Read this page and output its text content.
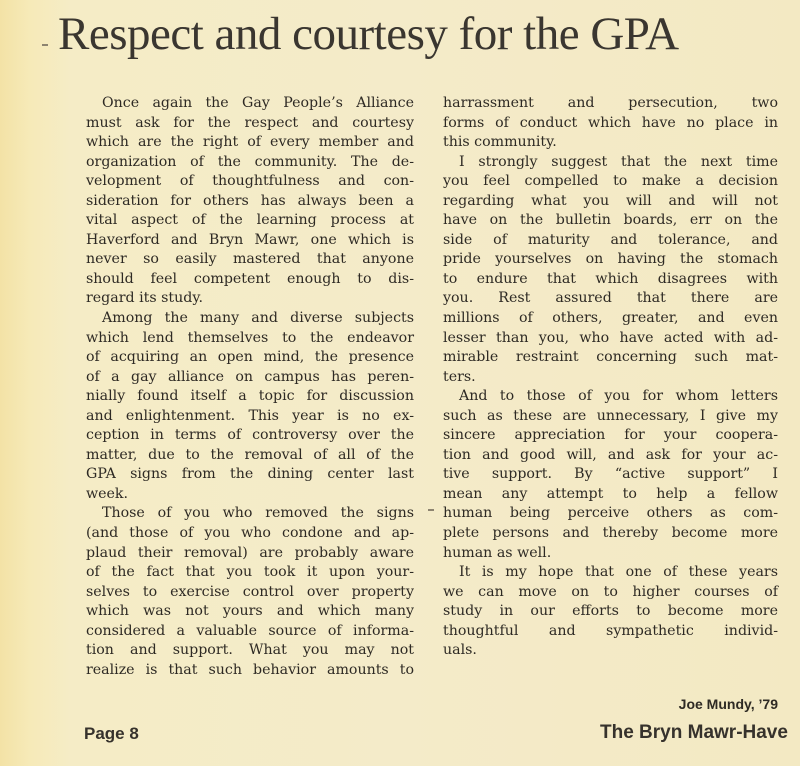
Respect and courtesy for the GPA
Once again the Gay People’s Alliance
must ask for the respect and courtesy
which are the right of every member and
organization of the community. The de-
velopment of thoughtfulness and con-
sideration for others has always been a
vital aspect of the learning process at
Haverford and Bryn Mawr, one which is
never so easily mastered that anyone
should feel competent enough to dis-
regard its study.
Among the many and diverse subjects
which lend themselves to the endeavor
of acquiring an open mind, the presence
of a gay alliance on campus has peren-
nially found itself a topic for discussion
and enlightenment. This year is no ex-
ception in terms of controversy over the
matter, due to the removal of all of the
GPA signs from the dining center last
week.
Those of you who removed the signs
(and those of you who condone and ap-
plaud their removal) are probably aware
of the fact that you took it upon your-
selves to exercise control over property
which was not yours and which many
considered a valuable source of informa-
tion and support. What you may not
realize is that such behavior amounts to
harrassment and persecution, two
forms of conduct which have no place in
this community.
I strongly suggest that the next time
you feel compelled to make a decision
regarding what you will and will not
have on the bulletin boards, err on the
side of maturity and tolerance, and
pride yourselves on having the stomach
to endure that which disagrees with
you. Rest assured that there are
millions of others, greater, and even
lesser than you, who have acted with ad-
mirable restraint concerning such mat-
ters.
And to those of you for whom letters
such as these are unnecessary, I give my
sincere appreciation for your coopera-
tion and good will, and ask for your ac-
tive support. By “active support” I
mean any attempt to help a fellow
human being perceive others as com-
plete persons and thereby become more
human as well.
It is my hope that one of these years
we can move on to higher courses of
study in our efforts to become more
thoughtful and sympathetic individ-
uals.
Joe Mundy, ’79
Page 8	The Bryn Mawr-Have
